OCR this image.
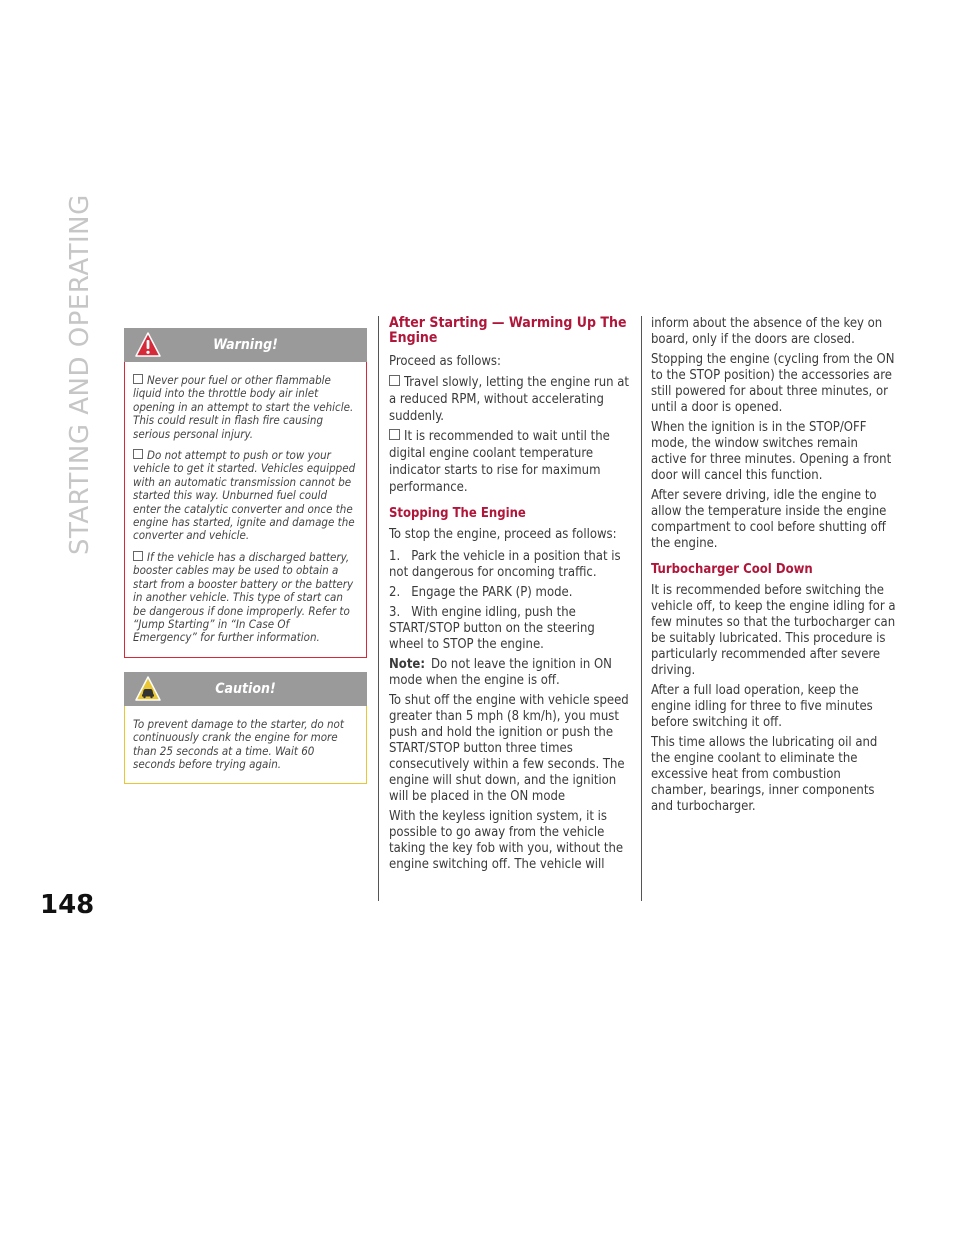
STARTING AND OPERATING
148
Warning!

Never pour fuel or other flammable liquid into the throttle body air inlet opening in an attempt to start the vehicle. This could result in flash fire causing serious personal injury.

Do not attempt to push or tow your vehicle to get it started. Vehicles equipped with an automatic transmission cannot be started this way. Unburned fuel could enter the catalytic converter and once the engine has started, ignite and damage the converter and vehicle.

If the vehicle has a discharged battery, booster cables may be used to obtain a start from a booster battery or the battery in another vehicle. This type of start can be dangerous if done improperly. Refer to “Jump Starting” in “In Case Of Emergency” for further information.

Caution!

To prevent damage to the starter, do not continuously crank the engine for more than 25 seconds at a time. Wait 60 seconds before trying again.

After Starting — Warming Up The Engine

Proceed as follows:

Travel slowly, letting the engine run at a reduced RPM, without accelerating suddenly.

It is recommended to wait until the digital engine coolant temperature indicator starts to rise for maximum performance.

Stopping The Engine

To stop the engine, proceed as follows:

1. Park the vehicle in a position that is not dangerous for oncoming traffic.

2. Engage the PARK (P) mode.

3. With engine idling, push the START/STOP button on the steering wheel to STOP the engine.

Note: Do not leave the ignition in ON mode when the engine is off.

To shut off the engine with vehicle speed greater than 5 mph (8 km/h), you must push and hold the ignition or push the START/STOP button three times consecutively within a few seconds. The engine will shut down, and the ignition will be placed in the ON mode

With the keyless ignition system, it is possible to go away from the vehicle taking the key fob with you, without the engine switching off. The vehicle will

inform about the absence of the key on board, only if the doors are closed.

Stopping the engine (cycling from the ON to the STOP position) the accessories are still powered for about three minutes, or until a door is opened.

When the ignition is in the STOP/OFF mode, the window switches remain active for three minutes. Opening a front door will cancel this function.

After severe driving, idle the engine to allow the temperature inside the engine compartment to cool before shutting off the engine.

Turbocharger Cool Down

It is recommended before switching the vehicle off, to keep the engine idling for a few minutes so that the turbocharger can be suitably lubricated. This procedure is particularly recommended after severe driving.

After a full load operation, keep the engine idling for three to five minutes before switching it off.

This time allows the lubricating oil and the engine coolant to eliminate the excessive heat from combustion chamber, bearings, inner components and turbocharger.
